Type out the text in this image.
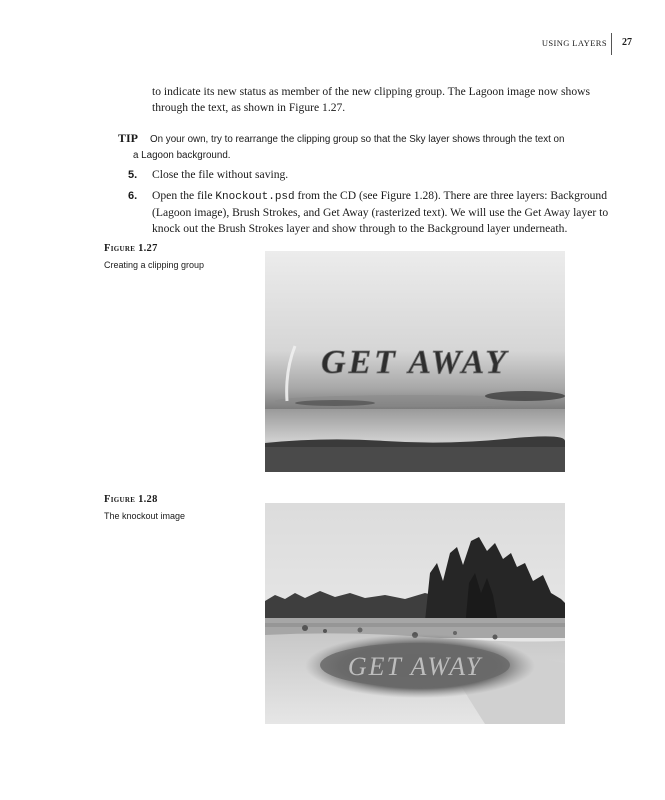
USING LAYERS 27
to indicate its new status as member of the new clipping group. The Lagoon image now shows through the text, as shown in Figure 1.27.
TIP On your own, try to rearrange the clipping group so that the Sky layer shows through the text on
a Lagoon background.
5.	Close the file without saving.
6.	Open the file Knockout.psd from the CD (see Figure 1.28). There are three layers: Background (Lagoon image), Brush Strokes, and Get Away (rasterized text). We will use the Get Away layer to knock out the Brush Strokes layer and show through to the Background layer underneath.
Figure 1.27
Creating a clipping group
GET AWAY
Figure 1.28
The knockout image
GET AWAY
